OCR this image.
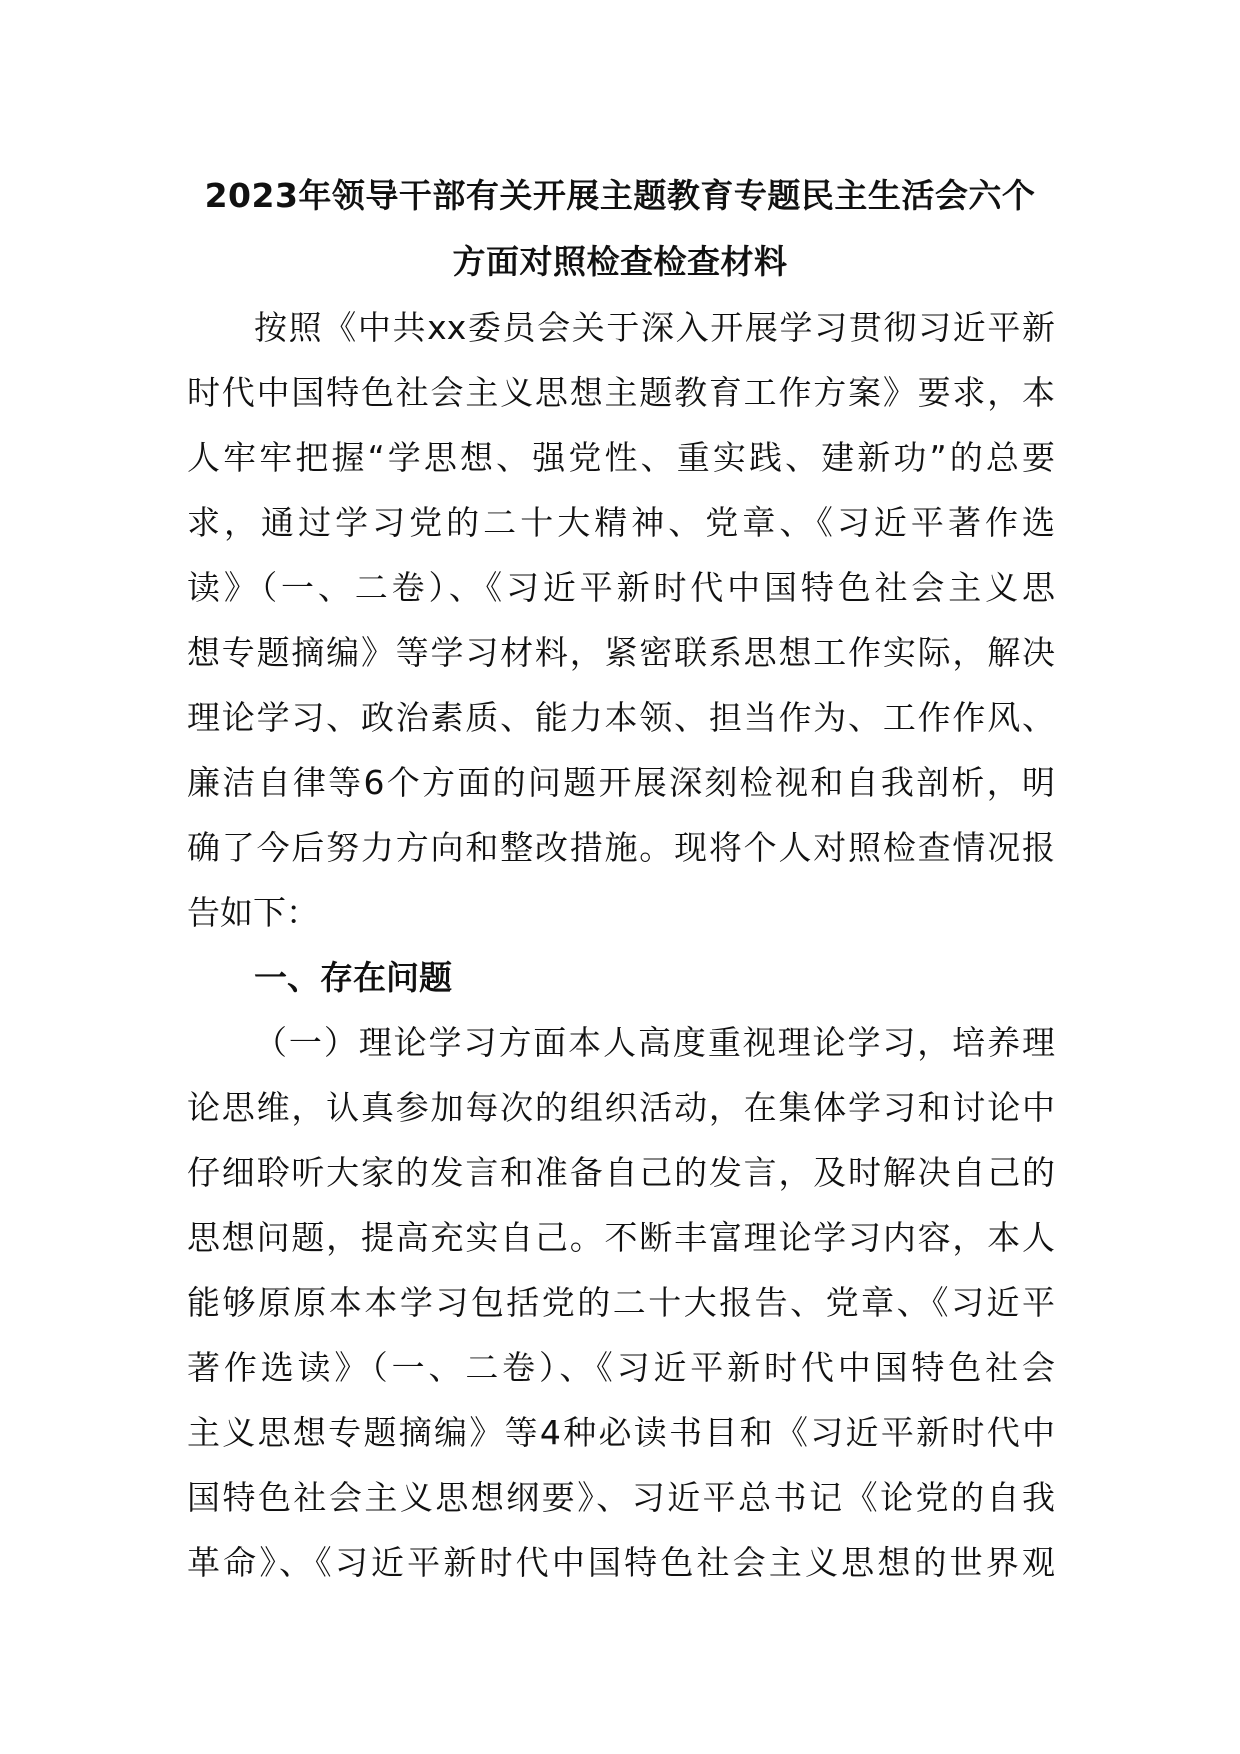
2023年领导干部有关开展主题教育专题民主生活会六个
方面对照检查检查材料
按照《中共xx委员会关于深入开展学习贯彻习近平新
时代中国特色社会主义思想主题教育工作方案》要求，本
人牢牢把握“学思想、强党性、重实践、建新功”的总要
求，通过学习党的二十大精神、党章、《习近平著作选
读》（一、二卷）、《习近平新时代中国特色社会主义思
想专题摘编》等学习材料，紧密联系思想工作实际，解决
理论学习、政治素质、能力本领、担当作为、工作作风、
廉洁自律等6个方面的问题开展深刻检视和自我剖析，明
确了今后努力方向和整改措施。现将个人对照检查情况报
告如下：
一、存在问题
（一）理论学习方面本人高度重视理论学习，培养理
论思维，认真参加每次的组织活动，在集体学习和讨论中
仔细聆听大家的发言和准备自己的发言，及时解决自己的
思想问题，提高充实自己。不断丰富理论学习内容，本人
能够原原本本学习包括党的二十大报告、党章、《习近平
著作选读》（一、二卷）、《习近平新时代中国特色社会
主义思想专题摘编》等4种必读书目和《习近平新时代中
国特色社会主义思想纲要》、习近平总书记《论党的自我
革命》、《习近平新时代中国特色社会主义思想的世界观
